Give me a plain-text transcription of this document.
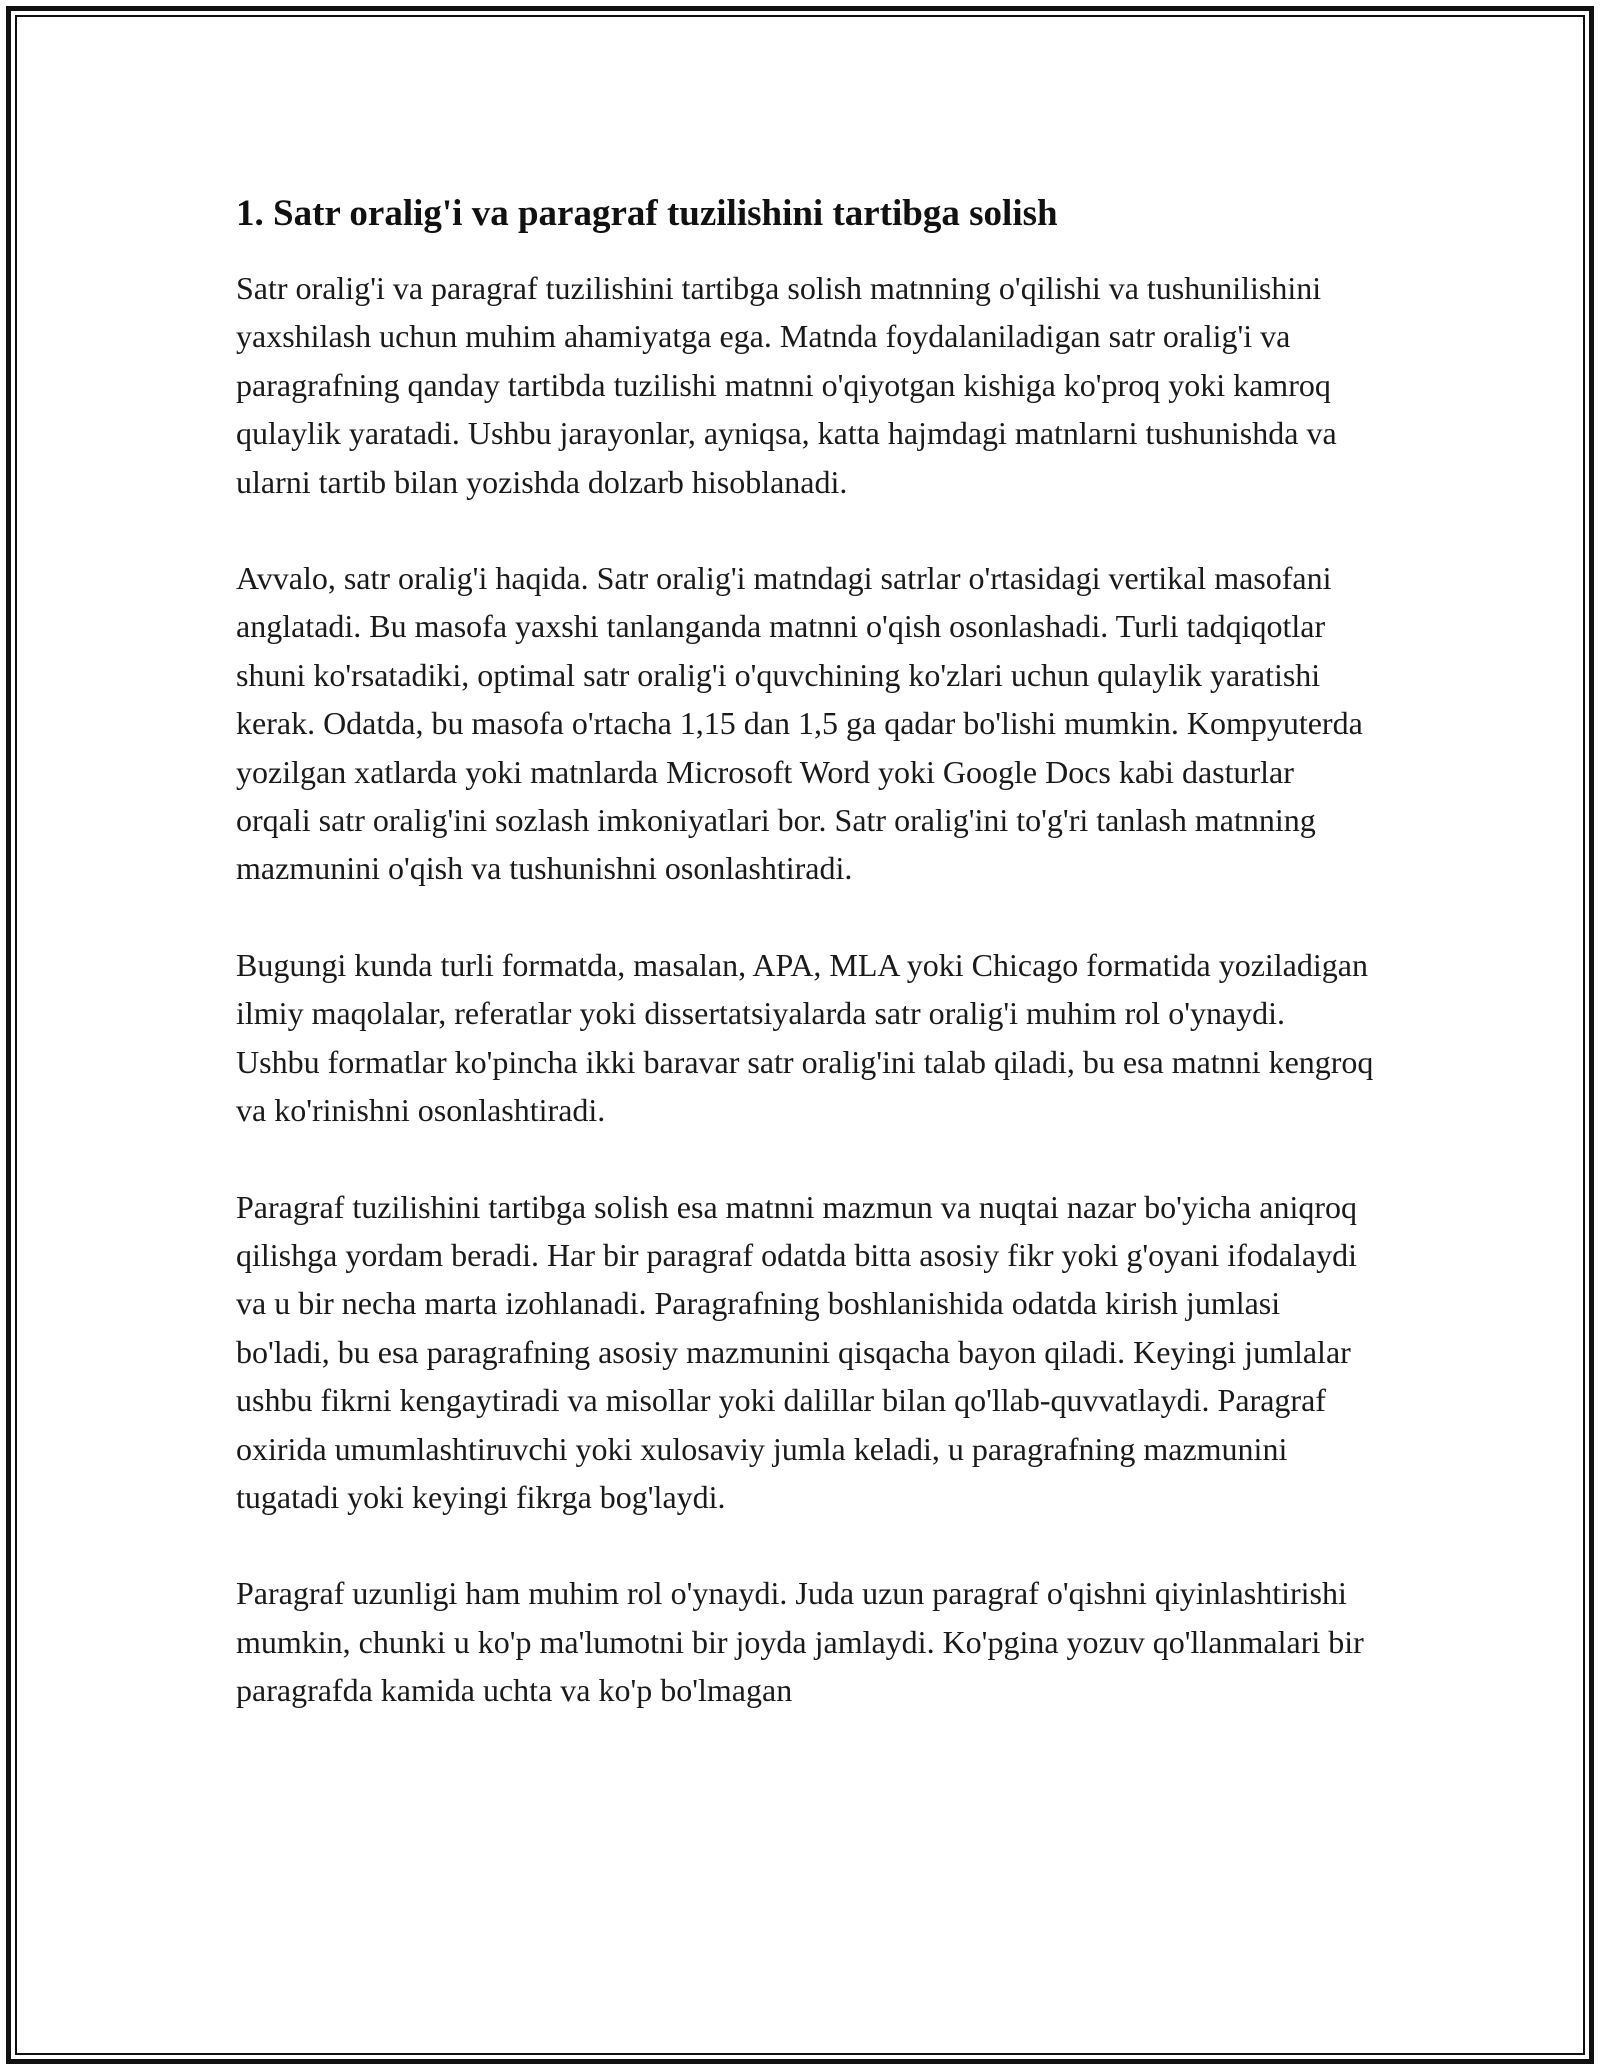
1. Satr oralig'i va paragraf tuzilishini tartibga solish

Satr oralig'i va paragraf tuzilishini tartibga solish matnning o'qilishi va tushunilishini yaxshilash uchun muhim ahamiyatga ega. Matnda foydalaniladigan satr oralig'i va paragrafning qanday tartibda tuzilishi matnni o'qiyotgan kishiga ko'proq yoki kamroq qulaylik yaratadi. Ushbu jarayonlar, ayniqsa, katta hajmdagi matnlarni tushunishda va ularni tartib bilan yozishda dolzarb hisoblanadi.

Avvalo, satr oralig'i haqida. Satr oralig'i matndagi satrlar o'rtasidagi vertikal masofani anglatadi. Bu masofa yaxshi tanlanganda matnni o'qish osonlashadi. Turli tadqiqotlar shuni ko'rsatadiki, optimal satr oralig'i o'quvchining ko'zlari uchun qulaylik yaratishi kerak. Odatda, bu masofa o'rtacha 1,15 dan 1,5 ga qadar bo'lishi mumkin. Kompyuterda yozilgan xatlarda yoki matnlarda Microsoft Word yoki Google Docs kabi dasturlar orqali satr oralig'ini sozlash imkoniyatlari bor. Satr oralig'ini to'g'ri tanlash matnning mazmunini o'qish va tushunishni osonlashtiradi.

Bugungi kunda turli formatda, masalan, APA, MLA yoki Chicago formatida yoziladigan ilmiy maqolalar, referatlar yoki dissertatsiyalarda satr oralig'i muhim rol o'ynaydi. Ushbu formatlar ko'pincha ikki baravar satr oralig'ini talab qiladi, bu esa matnni kengroq va ko'rinishni osonlashtiradi.

Paragraf tuzilishini tartibga solish esa matnni mazmun va nuqtai nazar bo'yicha aniqroq qilishga yordam beradi. Har bir paragraf odatda bitta asosiy fikr yoki g'oyani ifodalaydi va u bir necha marta izohlanadi. Paragrafning boshlanishida odatda kirish jumlasi bo'ladi, bu esa paragrafning asosiy mazmunini qisqacha bayon qiladi. Keyingi jumlalar ushbu fikrni kengaytiradi va misollar yoki dalillar bilan qo'llab-quvvatlaydi. Paragraf oxirida umumlashtiruvchi yoki xulosaviy jumla keladi, u paragrafning mazmunini tugatadi yoki keyingi fikrga bog'laydi.

Paragraf uzunligi ham muhim rol o'ynaydi. Juda uzun paragraf o'qishni qiyinlashtirishi mumkin, chunki u ko'p ma'lumotni bir joyda jamlaydi. Ko'pgina yozuv qo'llanmalari bir paragrafda kamida uchta va ko'p bo'lmagan
